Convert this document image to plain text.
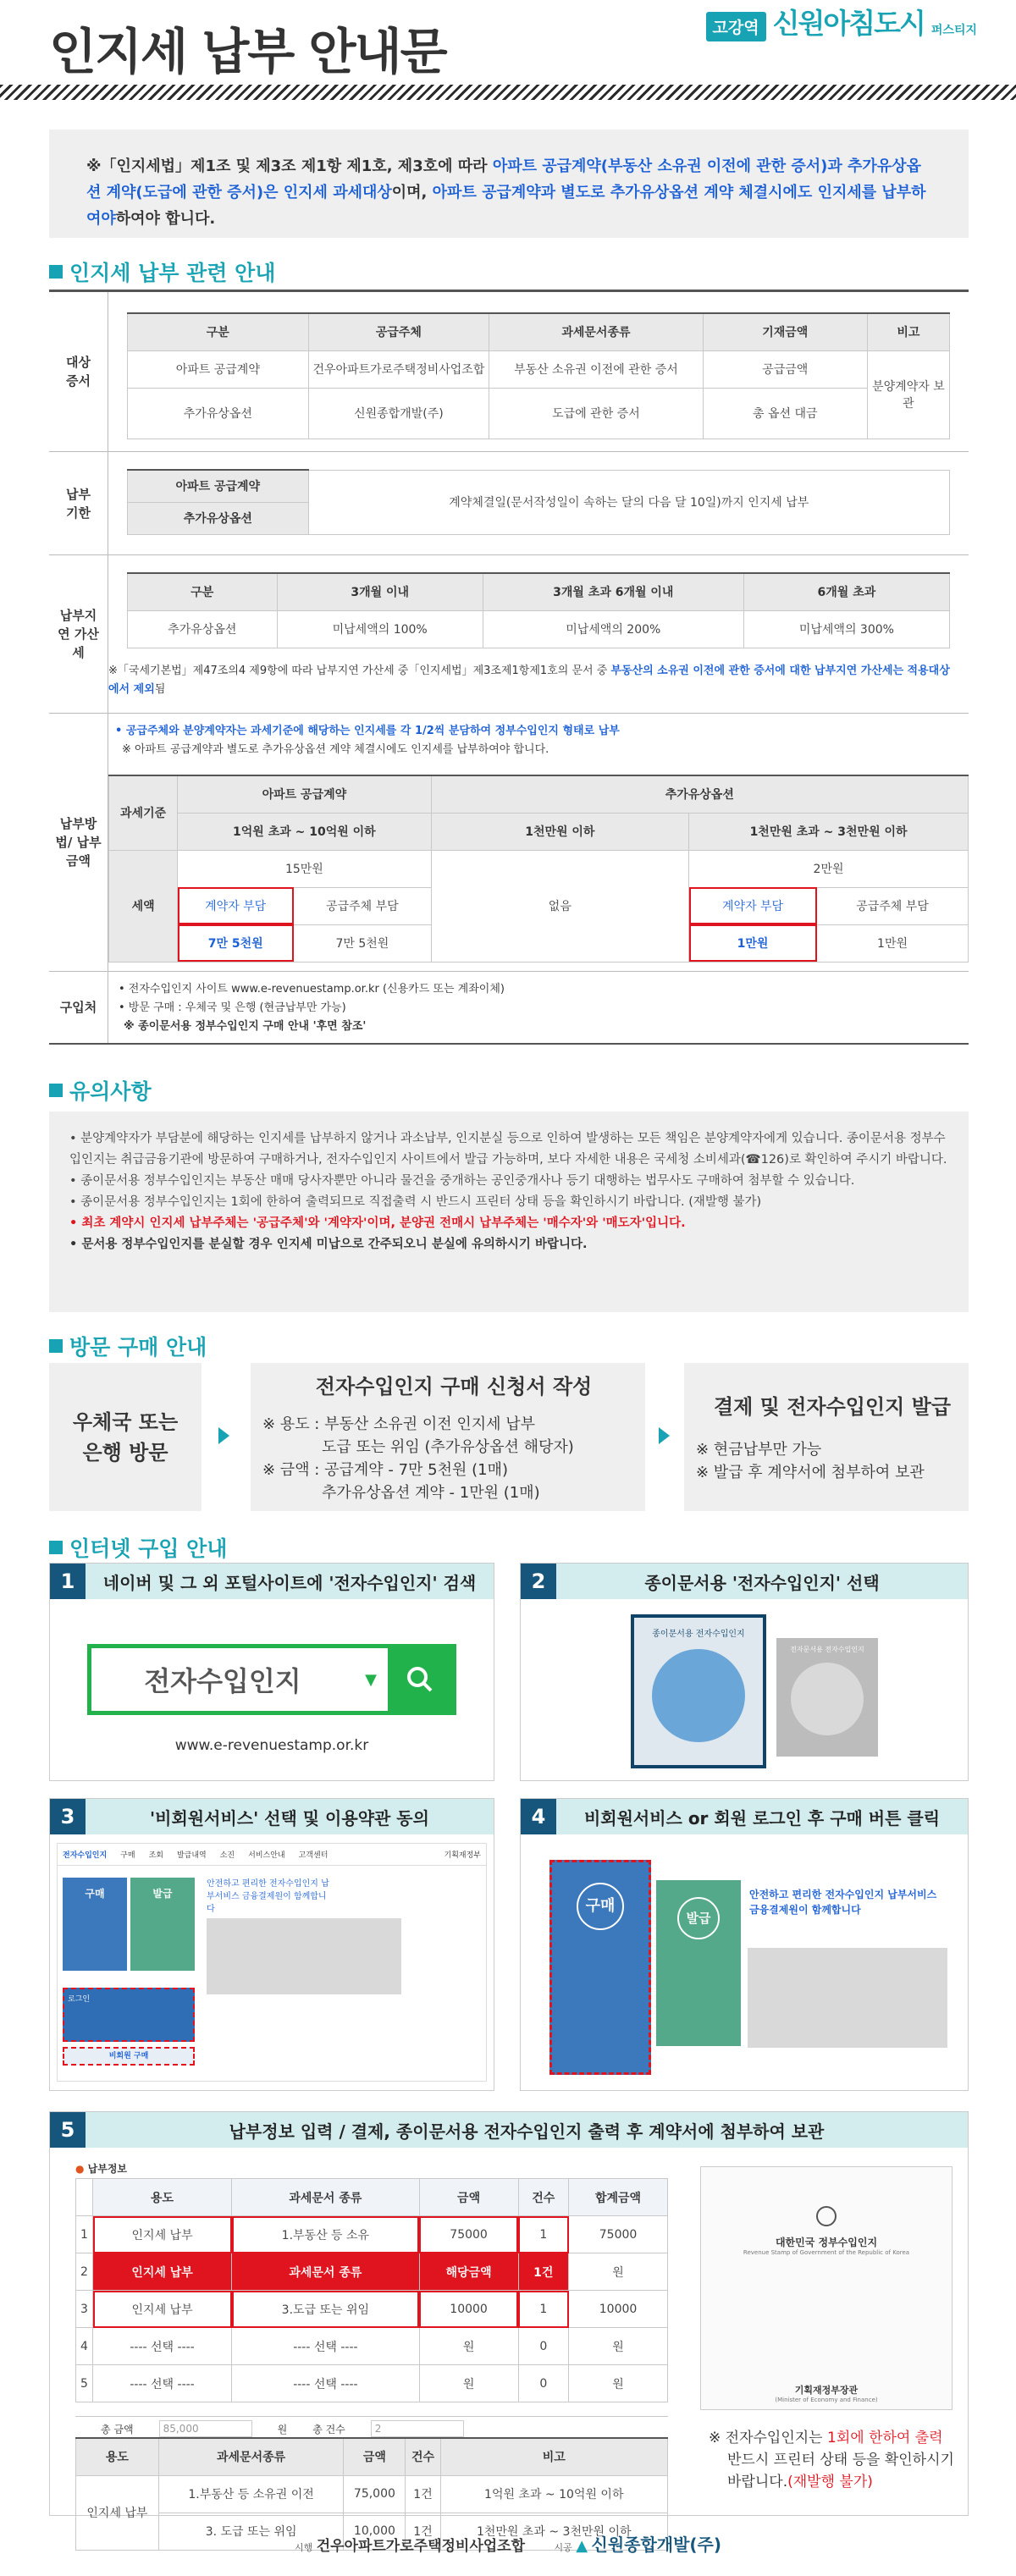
인지세 납부 안내문	고강역 신원아침도시 퍼스티지
※「인지세법」제1조 및 제3조 제1항 제1호, 제3호에 따라 아파트 공급계약(부동산 소유권 이전에 관한 증서)과 추가유상옵션 계약(도급에 관한 증서)은 인지세 과세대상이며, 아파트 공급계약과 별도로 추가유상옵션 계약 체결시에도 인지세를 납부하여야하여야 합니다.
인지세 납부 관련 안내
대상 증서
구분	공급주체	과세문서종류	기재금액	비고
아파트 공급계약	건우아파트가로주택정비사업조합	부동산 소유권 이전에 관한 증서	공급금액	분양계약자 보관
추가유상옵션	신원종합개발(주)	도급에 관한 증서	총 옵션 대금	
납부 기한
아파트 공급계약	계약체결일(문서작성일이 속하는 달의 다음 달 10일)까지 인지세 납부
추가유상옵션
납부지연 가산세
구분	3개월 이내	3개월 초과 6개월 이내	6개월 초과
추가유상옵션	미납세액의 100%	미납세액의 200%	미납세액의 300%
※「국세기본법」제47조의4 제9항에 따라 납부지연 가산세 중「인지세법」제3조제1항제1호의 문서 중 부동산의 소유권 이전에 관한 증서에 대한 납부지연 가산세는 적용대상에서 제외됨
납부방법/ 납부금액
• 공급주체와 분양계약자는 과세기준에 해당하는 인지세를 각 1/2씩 분담하여 정부수입인지 형태로 납부
※ 아파트 공급계약과 별도로 추가유상옵션 계약 체결시에도 인지세를 납부하여야 합니다.
과세기준	아파트 공급계약		추가유상옵션		
	1억원 초과 ~ 10억원 이하		1천만원 이하	1천만원 초과 ~ 3천만원 이하	
세액	15만원		없음	2만원	
	계약자 부담	공급주체 부담		계약자 부담	공급주체 부담
	7만 5천원	7만 5천원		1만원	1만원
구입처
• 전자수입인지 사이트 www.e-revenuestamp.or.kr (신용카드 또는 계좌이체)
• 방문 구매 : 우체국 및 은행 (현금납부만 가능)
※ 종이문서용 정부수입인지 구매 안내 '후면 참조'
유의사항
• 분양계약자가 부담분에 해당하는 인지세를 납부하지 않거나 과소납부, 인지분실 등으로 인하여 발생하는 모든 책임은 분양계약자에게 있습니다. 종이문서용 정부수입인지는 취급금융기관에 방문하여 구매하거나, 전자수입인지 사이트에서 발급 가능하며, 보다 자세한 내용은 국세청 소비세과(☎126)로 확인하여 주시기 바랍니다.
• 종이문서용 정부수입인지는 부동산 매매 당사자뿐만 아니라 물건을 중개하는 공인중개사나 등기 대행하는 법무사도 구매하여 첨부할 수 있습니다.
• 종이문서용 정부수입인지는 1회에 한하여 출력되므로 직접출력 시 반드시 프린터 상태 등을 확인하시기 바랍니다. (재발행 불가)
• 최초 계약시 인지세 납부주체는 '공급주체'와 '계약자'이며, 분양권 전매시 납부주체는 '매수자'와 '매도자'입니다.
• 문서용 정부수입인지를 분실할 경우 인지세 미납으로 간주되오니 분실에 유의하시기 바랍니다.
방문 구매 안내
우체국 또는 은행 방문
전자수입인지 구매 신청서 작성
※ 용도 : 부동산 소유권 이전 인지세 납부
도급 또는 위임 (추가유상옵션 해당자)
※ 금액 : 공급계약 - 7만 5천원 (1매)
추가유상옵션 계약 - 1만원 (1매)
결제 및 전자수입인지 발급
※ 현금납부만 가능
※ 발급 후 계약서에 첨부하여 보관
인터넷 구입 안내
1	네이버 및 그 외 포털사이트에 '전자수입인지' 검색
전자수입인지	▼
www.e-revenuestamp.or.kr
2	종이문서용 '전자수입인지' 선택
종이문서용 전자수입인지
전자문서용 전자수입인지
3	'비회원서비스' 선택 및 이용약관 동의
전자수입인지 구매 조회 발급내역 소진 서비스안내 고객센터	기획재정부
구매	발급
안전하고 편리한 전자수입인지 납부서비스 금융결제원이 함께합니다
로그인
비회원 구매
4	비회원서비스 or 회원 로그인 후 구매 버튼 클릭
구매
발급
안전하고 편리한 전자수입인지 납부서비스 금융결제원이 함께합니다
5	납부정보 입력 / 결제, 종이문서용 전자수입인지 출력 후 계약서에 첨부하여 보관
● 납부정보
	용도	과세문서 종류	금액	건수	합계금액
1	인지세 납부	1.부동산 등 소유	75000	1	75000
2	인지세 납부	과세문서 종류	해당금액	1건	원
3	인지세 납부	3.도급 또는 위임	10000	1	10000
4	---- 선택 ----	---- 선택 ----	원	0	원
5	---- 선택 ----	---- 선택 ----	원	0	원
총 금액	85,000	원	총 건수	2
용도	과세문서종류	금액	건수	비고
인지세 납부	1.부동산 등 소유권 이전	75,000	1건	1억원 초과 ~ 10억원 이하
	3. 도급 또는 위임	10,000	1건	1천만원 초과 ~ 3천만원 이하
대한민국 정부수입인지
Revenue Stamp of Government of the Republic of Korea
기획재정부장관
(Minister of Economy and Finance)
※ 전자수입인지는 1회에 한하여 출력
반드시 프린터 상태 등을 확인하시기 바랍니다.(재발행 불가)
시행 건우아파트가로주택정비사업조합	시공 ▲ 신원종합개발(주)
